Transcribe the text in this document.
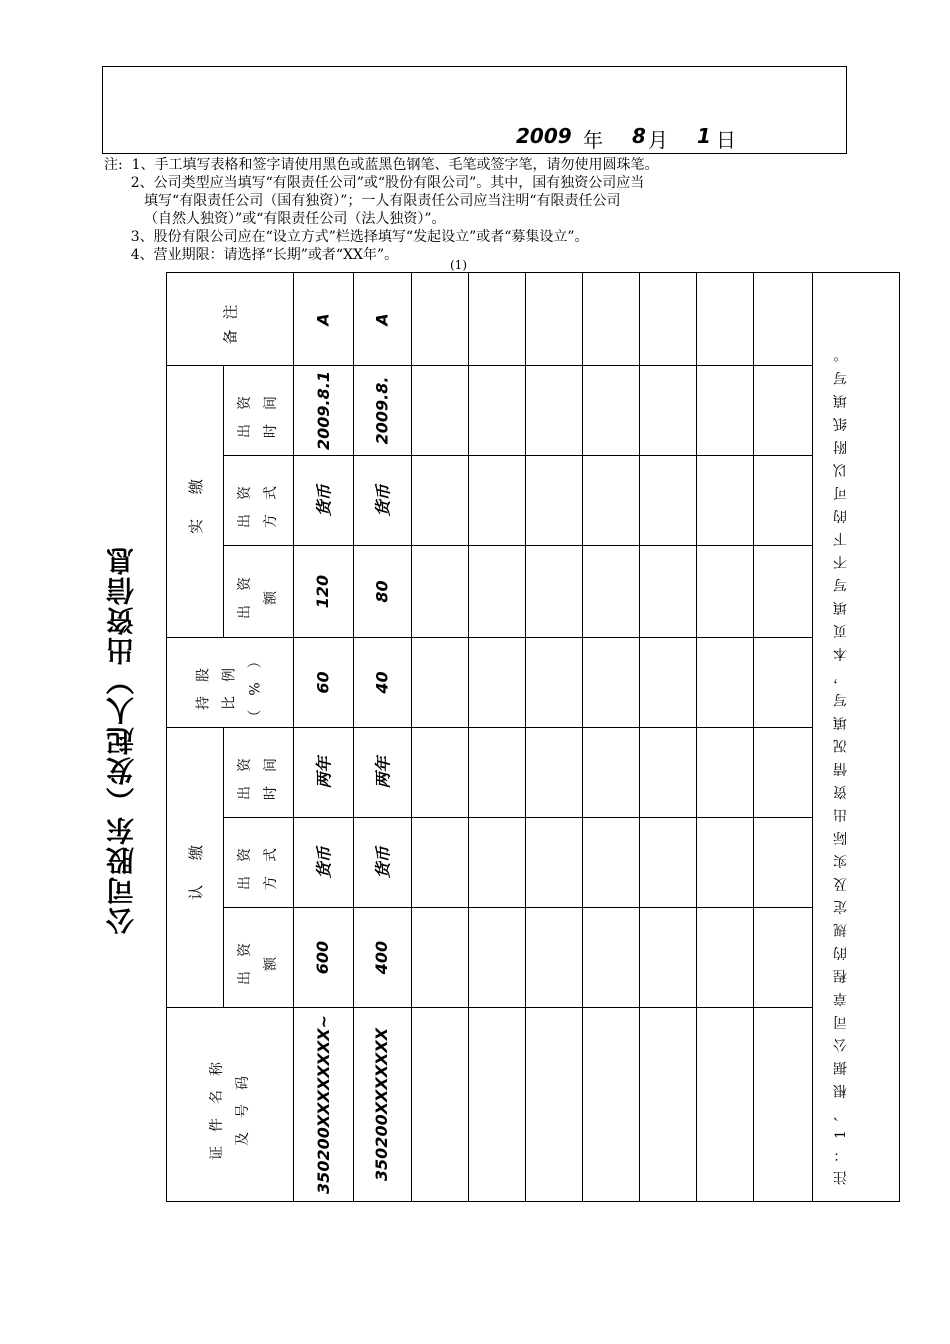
2009 年 8 月 1 日
注: 1、手工填写表格和签字请使用黑色或蓝黑色钢笔、毛笔或签字笔，请勿使用圆珠笔。
2、公司类型应当填写“有限责任公司”或“股份有限公司”。其中，国有独资公司应当
填写“有限责任公司（国有独资）”；一人有限责任公司应当注明“有限责任公司
（自然人独资）”或“有限责任公司（法人独资）”。
3、股份有限公司应在“设立方式”栏选择填写“发起设立”或者“募集设立”。
4、营业期限：请选择“长期”或者“XX年”。
(1)
公司股东（发起人）出资信息
备注
实 缴
出资
时间
出资
方式
出资
额
持股
比例
（%）
认 缴
出资
时间
出资
方式
出资
额
证件名称
及号码
A
2009.8.1
货币
120
60
两年
货币
600
350200XXXXXXXX~
A
2009.8.
货币
80
40
两年
货币
400
350200XXXXXXX	注：1、根据公司章程的规定及实际出资情况填写，本页填写不下的可以附纸填写。
